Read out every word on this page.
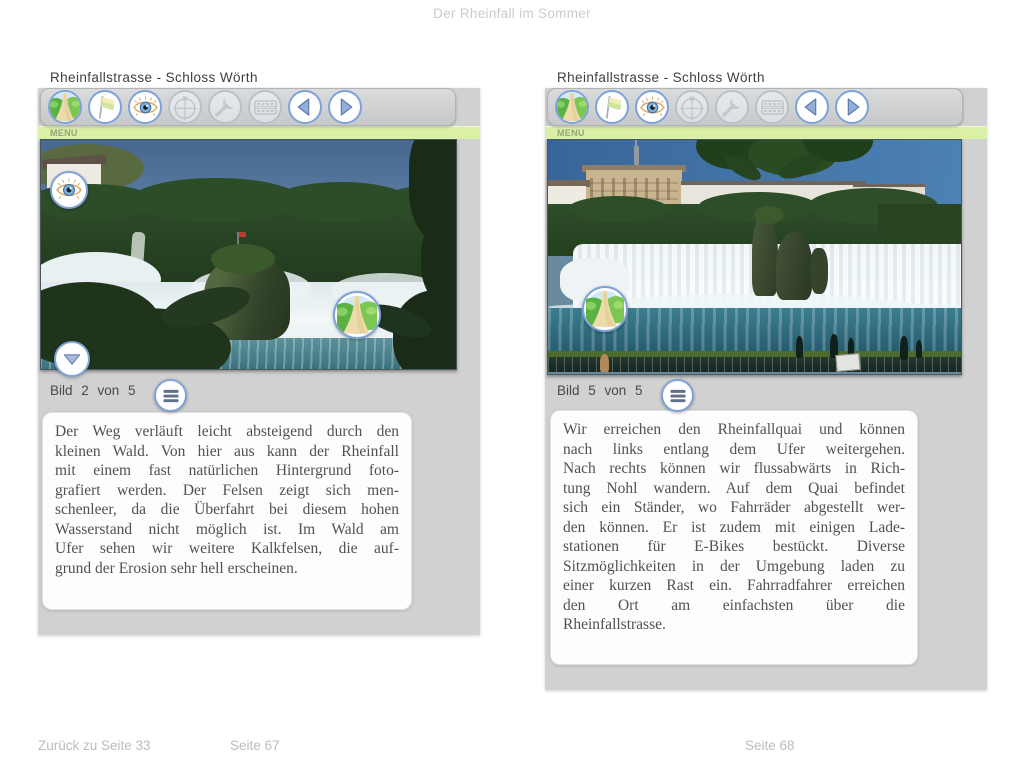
Der Rheinfall im Sommer
Rheinfallstrasse - Schloss Wörth
MENU
Bild 2 von 5
Der Weg verläuft leicht absteigend durch den
kleinen Wald. Von hier aus kann der Rheinfall
mit einem fast natürlichen Hintergrund foto-
grafiert werden. Der Felsen zeigt sich men-
schenleer, da die Überfahrt bei diesem hohen
Wasserstand nicht möglich ist. Im Wald am
Ufer sehen wir weitere Kalkfelsen, die auf-
grund der Erosion sehr hell erscheinen.
Rheinfallstrasse - Schloss Wörth
MENU
Bild 5 von 5
Wir erreichen den Rheinfallquai und können
nach links entlang dem Ufer weitergehen.
Nach rechts können wir flussabwärts in Rich-
tung Nohl wandern. Auf dem Quai befindet
sich ein Ständer, wo Fahrräder abgestellt wer-
den können. Er ist zudem mit einigen Lade-
stationen für E-Bikes bestückt. Diverse
Sitzmöglichkeiten in der Umgebung laden zu
einer kurzen Rast ein. Fahrradfahrer erreichen
den Ort am einfachsten über die
Rheinfallstrasse.
Zurück zu Seite 33	Seite 67	Seite 68
